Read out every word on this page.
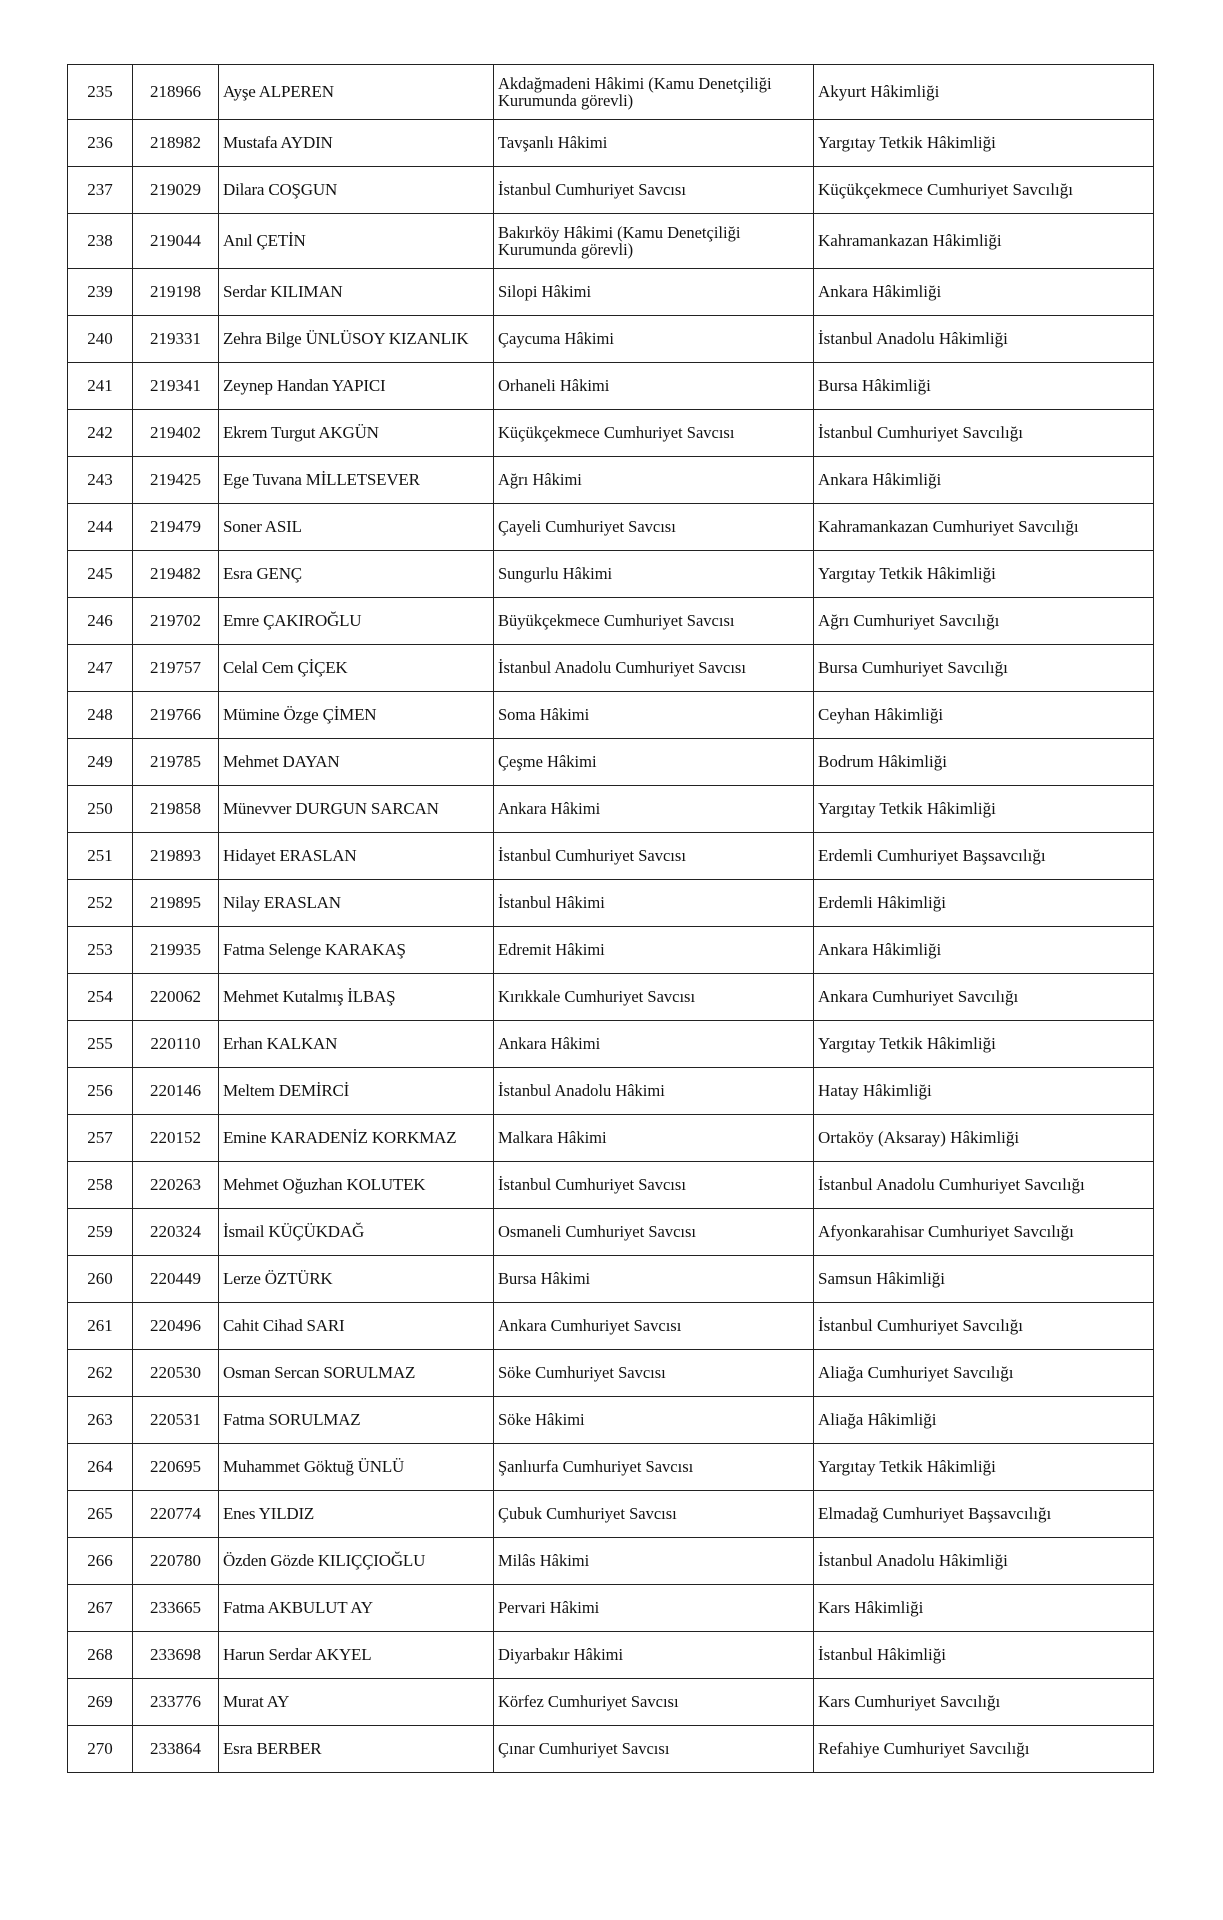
235	218966	Ayşe ALPEREN	Akdağmadeni Hâkimi (Kamu Denetçiliği Kurumunda görevli)	Akyurt Hâkimliği
236	218982	Mustafa AYDIN	Tavşanlı Hâkimi	Yargıtay Tetkik Hâkimliği
237	219029	Dilara COŞGUN	İstanbul Cumhuriyet Savcısı	Küçükçekmece Cumhuriyet Savcılığı
238	219044	Anıl ÇETİN	Bakırköy Hâkimi (Kamu Denetçiliği Kurumunda görevli)	Kahramankazan Hâkimliği
239	219198	Serdar KILIMAN	Silopi Hâkimi	Ankara Hâkimliği
240	219331	Zehra Bilge ÜNLÜSOY KIZANLIK	Çaycuma Hâkimi	İstanbul Anadolu Hâkimliği
241	219341	Zeynep Handan YAPICI	Orhaneli Hâkimi	Bursa Hâkimliği
242	219402	Ekrem Turgut AKGÜN	Küçükçekmece Cumhuriyet Savcısı	İstanbul Cumhuriyet Savcılığı
243	219425	Ege Tuvana MİLLETSEVER	Ağrı Hâkimi	Ankara Hâkimliği
244	219479	Soner ASIL	Çayeli Cumhuriyet Savcısı	Kahramankazan Cumhuriyet Savcılığı
245	219482	Esra GENÇ	Sungurlu Hâkimi	Yargıtay Tetkik Hâkimliği
246	219702	Emre ÇAKIROĞLU	Büyükçekmece Cumhuriyet Savcısı	Ağrı Cumhuriyet Savcılığı
247	219757	Celal Cem ÇİÇEK	İstanbul Anadolu Cumhuriyet Savcısı	Bursa Cumhuriyet Savcılığı
248	219766	Mümine Özge ÇİMEN	Soma Hâkimi	Ceyhan Hâkimliği
249	219785	Mehmet DAYAN	Çeşme Hâkimi	Bodrum Hâkimliği
250	219858	Münevver DURGUN SARCAN	Ankara Hâkimi	Yargıtay Tetkik Hâkimliği
251	219893	Hidayet ERASLAN	İstanbul Cumhuriyet Savcısı	Erdemli Cumhuriyet Başsavcılığı
252	219895	Nilay ERASLAN	İstanbul Hâkimi	Erdemli Hâkimliği
253	219935	Fatma Selenge KARAKAŞ	Edremit Hâkimi	Ankara Hâkimliği
254	220062	Mehmet Kutalmış İLBAŞ	Kırıkkale Cumhuriyet Savcısı	Ankara Cumhuriyet Savcılığı
255	220110	Erhan KALKAN	Ankara Hâkimi	Yargıtay Tetkik Hâkimliği
256	220146	Meltem DEMİRCİ	İstanbul Anadolu Hâkimi	Hatay Hâkimliği
257	220152	Emine KARADENİZ KORKMAZ	Malkara Hâkimi	Ortaköy (Aksaray) Hâkimliği
258	220263	Mehmet Oğuzhan KOLUTEK	İstanbul Cumhuriyet Savcısı	İstanbul Anadolu Cumhuriyet Savcılığı
259	220324	İsmail KÜÇÜKDAĞ	Osmaneli Cumhuriyet Savcısı	Afyonkarahisar Cumhuriyet Savcılığı
260	220449	Lerze ÖZTÜRK	Bursa Hâkimi	Samsun Hâkimliği
261	220496	Cahit Cihad SARI	Ankara Cumhuriyet Savcısı	İstanbul Cumhuriyet Savcılığı
262	220530	Osman Sercan SORULMAZ	Söke Cumhuriyet Savcısı	Aliağa Cumhuriyet Savcılığı
263	220531	Fatma SORULMAZ	Söke Hâkimi	Aliağa Hâkimliği
264	220695	Muhammet Göktuğ ÜNLÜ	Şanlıurfa Cumhuriyet Savcısı	Yargıtay Tetkik Hâkimliği
265	220774	Enes YILDIZ	Çubuk Cumhuriyet Savcısı	Elmadağ Cumhuriyet Başsavcılığı
266	220780	Özden Gözde KILIÇÇIOĞLU	Milâs Hâkimi	İstanbul Anadolu Hâkimliği
267	233665	Fatma AKBULUT AY	Pervari Hâkimi	Kars Hâkimliği
268	233698	Harun Serdar AKYEL	Diyarbakır Hâkimi	İstanbul Hâkimliği
269	233776	Murat AY	Körfez Cumhuriyet Savcısı	Kars Cumhuriyet Savcılığı
270	233864	Esra BERBER	Çınar Cumhuriyet Savcısı	Refahiye Cumhuriyet Savcılığı
